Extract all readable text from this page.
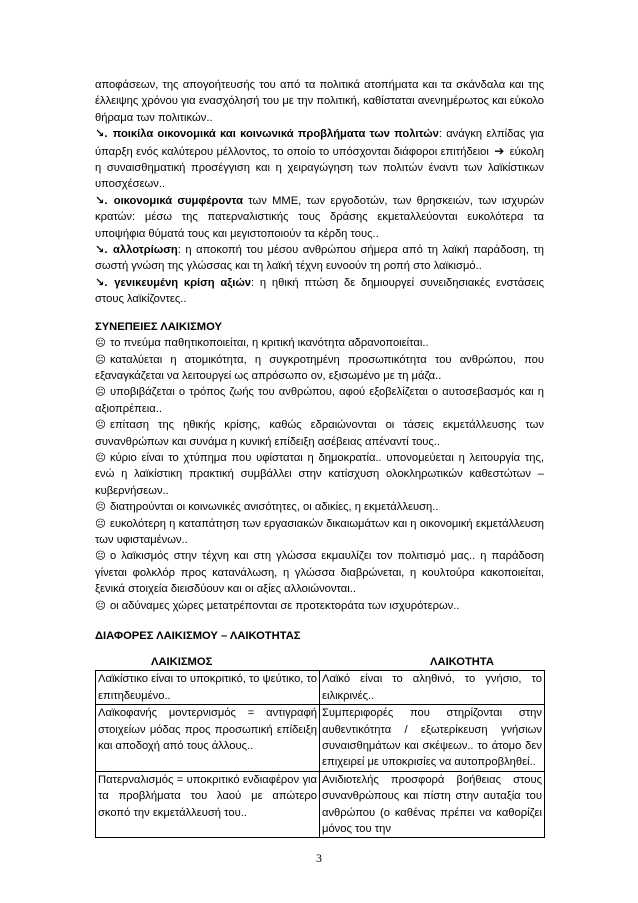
αποφάσεων, της απογοήτευσής του από τα πολιτικά ατοπήματα και τα σκάνδαλα και της έλλειψης χρόνου για ενασχόλησή του με την πολιτική, καθίσταται ανενημέρωτος και εύκολο θήραμα των πολιτικών..

↘. ποικίλα οικονομικά και κοινωνικά προβλήματα των πολιτών: ανάγκη ελπίδας για ύπαρξη ενός καλύτερου μέλλοντος, το οποίο το υπόσχονται διάφοροι επιτήδειοι ➔ εύκολη η συναισθηματική προσέγγιση και η χειραγώγηση των πολιτών έναντι των λαϊκίστικων υποσχέσεων..

↘. οικονομικά συμφέροντα των ΜΜΕ, των εργοδοτών, των θρησκειών, των ισχυρών κρατών: μέσω της πατερναλιστικής τους δράσης εκμεταλλεύονται ευκολότερα τα υποψήφια θύματά τους και μεγιστοποιούν τα κέρδη τους..

↘. αλλοτρίωση: η αποκοπή του μέσου ανθρώπου σήμερα από τη λαϊκή παράδοση, τη σωστή γνώση της γλώσσας και τη λαϊκή τέχνη ευνοούν τη ροπή στο λαϊκισμό..

↘. γενικευμένη κρίση αξιών: η ηθική πτώση δε δημιουργεί συνειδησιακές ενστάσεις στους λαϊκίζοντες..

ΣΥΝΕΠΕΙΕΣ ΛΑΙΚΙΣΜΟΥ

☹ το πνεύμα παθητικοποιείται, η κριτική ικανότητα αδρανοποιείται..

☹ καταλύεται η ατομικότητα, η συγκροτημένη προσωπικότητα του ανθρώπου, που εξαναγκάζεται να λειτουργεί ως απρόσωπο ον, εξισωμένο με τη μάζα..

☹ υποβιβάζεται ο τρόπος ζωής του ανθρώπου, αφού εξοβελίζεται ο αυτοσεβασμός και η αξιοπρέπεια..

☹ επίταση της ηθικής κρίσης, καθώς εδραιώνονται οι τάσεις εκμετάλλευσης των συνανθρώπων και συνάμα η κυνική επίδειξη ασέβειας απέναντί τους..

☹ κύριο είναι το χτύπημα που υφίσταται η δημοκρατία.. υπονομεύεται η λειτουργία της, ενώ η λαϊκίστικη πρακτική συμβάλλει στην κατίσχυση ολοκληρωτικών καθεστώτων – κυβερνήσεων..

☹ διατηρούνται οι κοινωνικές ανισότητες, οι αδικίες, η εκμετάλλευση..

☹ ευκολότερη η καταπάτηση των εργασιακών δικαιωμάτων και η οικονομική εκμετάλλευση των υφισταμένων..

☹ ο λαϊκισμός στην τέχνη και στη γλώσσα εκμαυλίζει τον πολιτισμό μας.. η παράδοση γίνεται φολκλόρ προς κατανάλωση, η γλώσσα διαβρώνεται, η κουλτούρα κακοποιείται, ξενικά στοιχεία διεισδύουν και οι αξίες αλλοιώνονται..

☹ οι αδύναμες χώρες μετατρέπονται σε προτεκτοράτα των ισχυρότερων..

ΔΙΑΦΟΡΕΣ ΛΑΙΚΙΣΜΟΥ – ΛΑΙΚΟΤΗΤΑΣ

ΛΑΙΚΙΣΜΟΣ	ΛΑΙΚΟΤΗΤΑ
Λαϊκίστικο είναι το υποκριτικό, το ψεύτικο, το επιτηδευμένο..	Λαϊκό είναι το αληθινό, το γνήσιο, το ειλικρινές..
Λαϊκοφανής μοντερνισμός = αντιγραφή στοιχείων μόδας προς προσωπική επίδειξη και αποδοχή από τους άλλους..	Συμπεριφορές που στηρίζονται στην αυθεντικότητα / εξωτερίκευση γνήσιων συναισθημάτων και σκέψεων.. το άτομο δεν επιχειρεί με υποκρισίες να αυτοπροβληθεί..
Πατερναλισμός = υποκριτικό ενδιαφέρον για τα προβλήματα του λαού με απώτερο σκοπό την εκμετάλλευσή του..	Ανιδιοτελής προσφορά βοήθειας στους συνανθρώπους και πίστη στην αυταξία του ανθρώπου (ο καθένας πρέπει να καθορίζει μόνος του την
3
